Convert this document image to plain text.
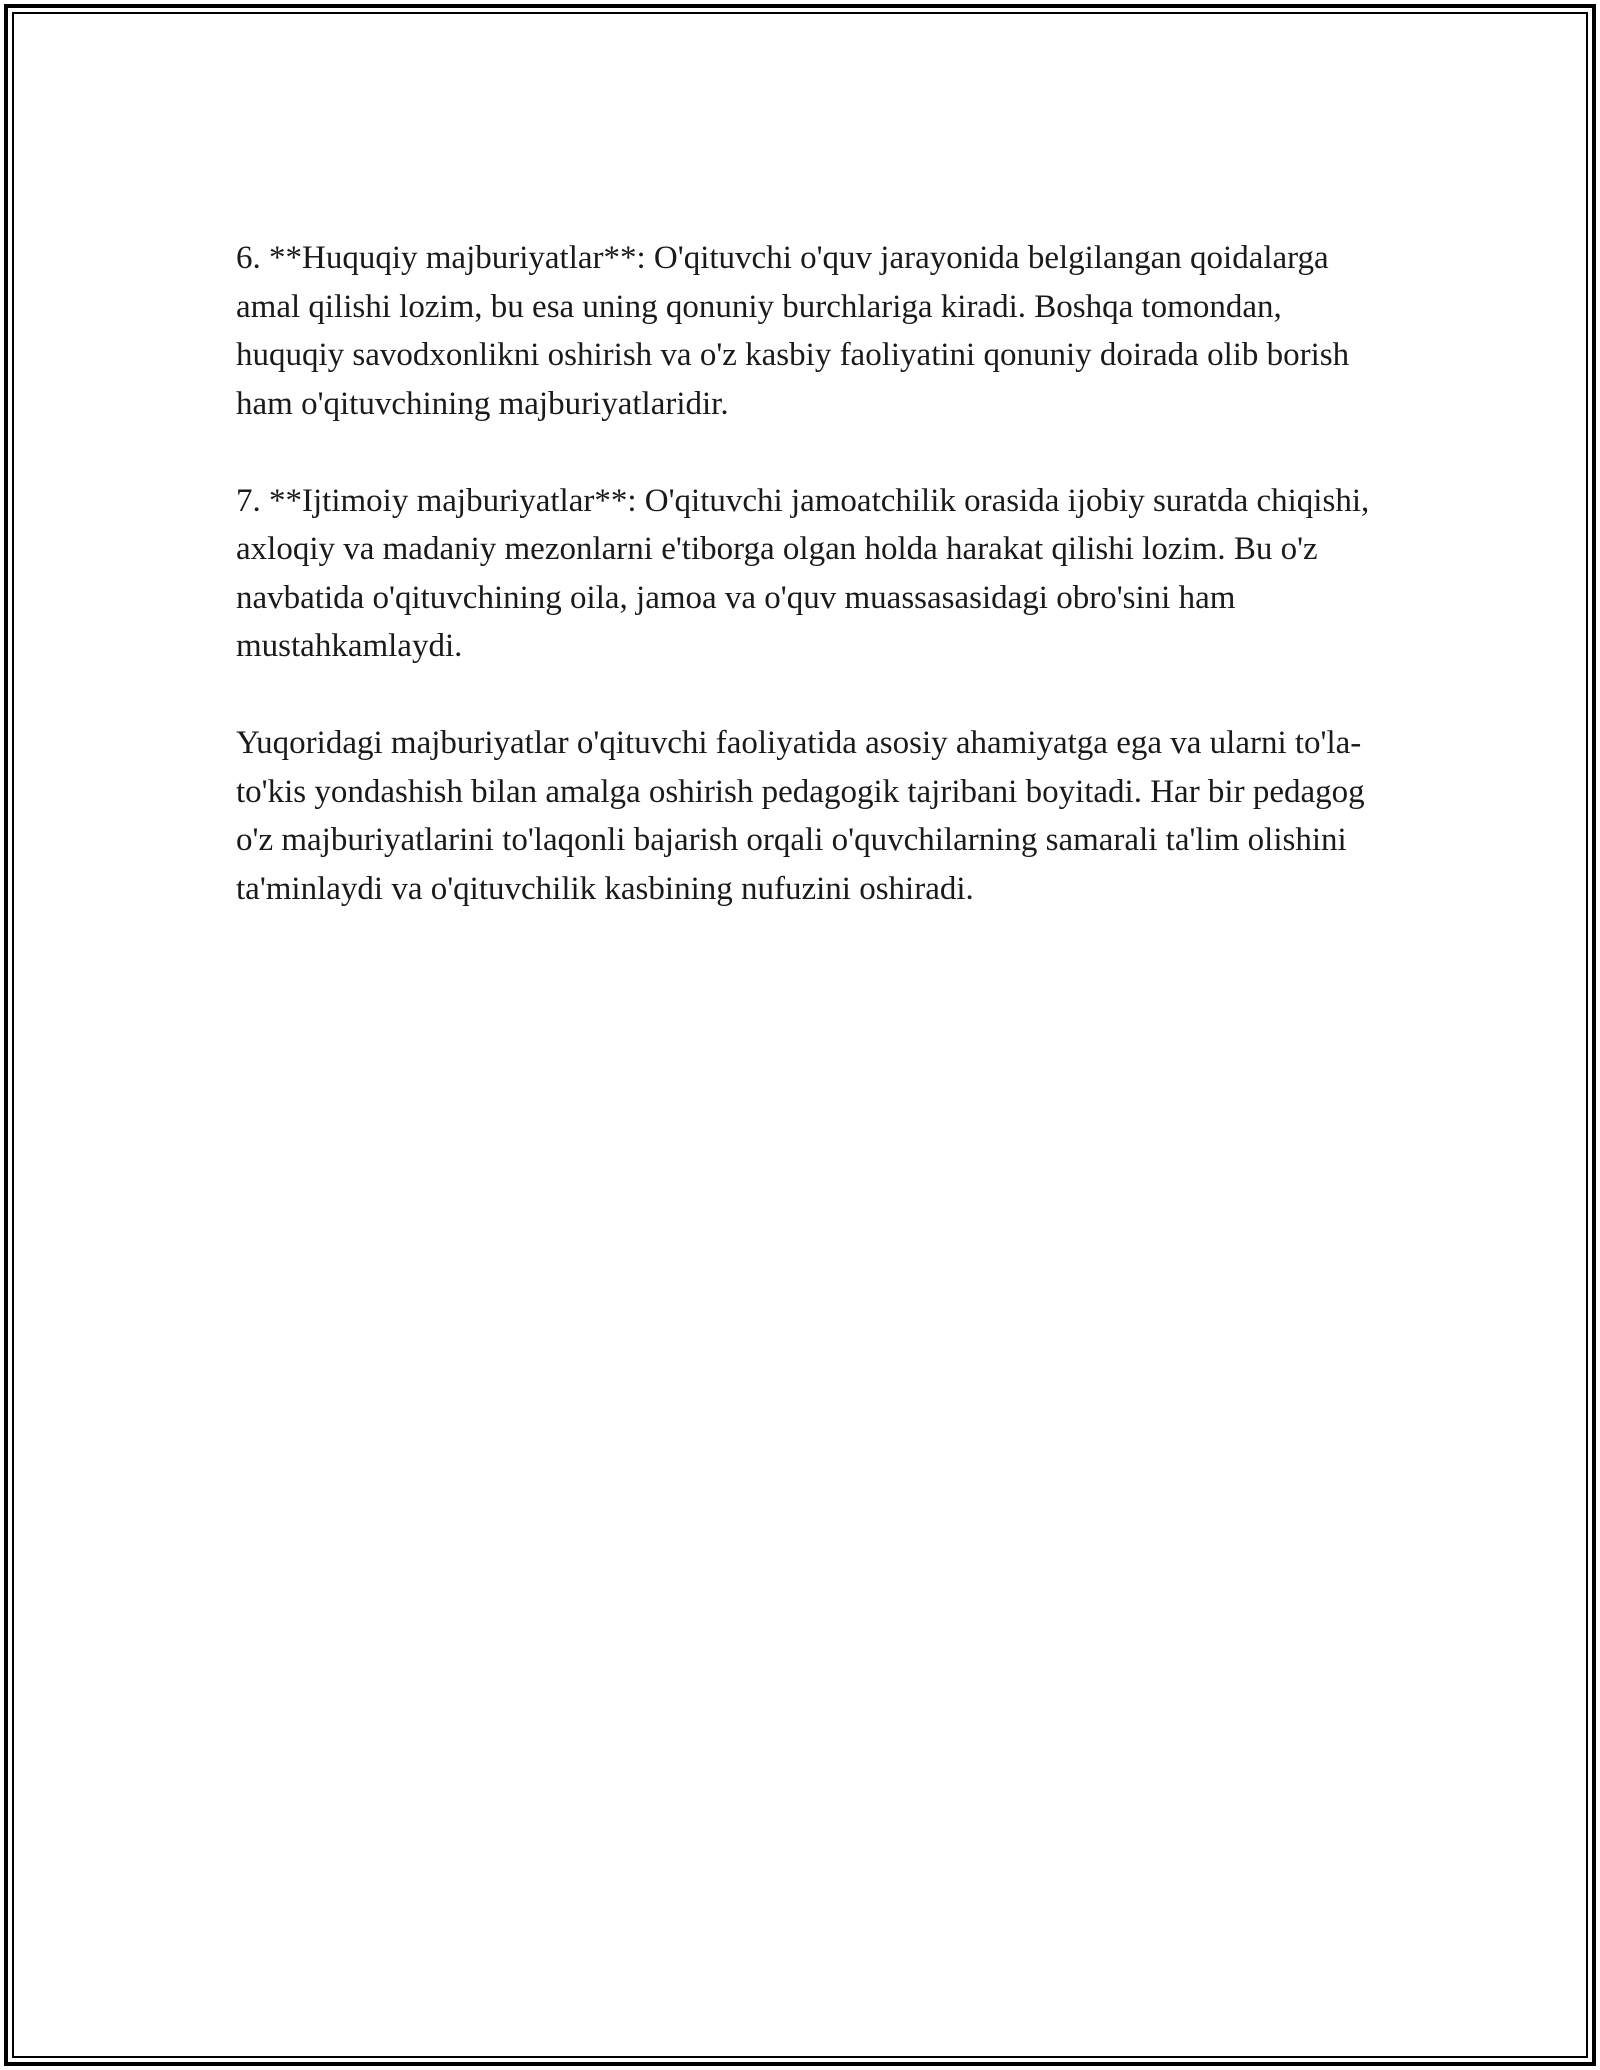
6. **Huquqiy majburiyatlar**: O'qituvchi o'quv jarayonida belgilangan qoidalarga amal qilishi lozim, bu esa uning qonuniy burchlariga kiradi. Boshqa tomondan, huquqiy savodxonlikni oshirish va o'z kasbiy faoliyatini qonuniy doirada olib borish ham o'qituvchining majburiyatlaridir.

7. **Ijtimoiy majburiyatlar**: O'qituvchi jamoatchilik orasida ijobiy suratda chiqishi, axloqiy va madaniy mezonlarni e'tiborga olgan holda harakat qilishi lozim. Bu o'z navbatida o'qituvchining oila, jamoa va o'quv muassasasidagi obro'sini ham mustahkamlaydi.

Yuqoridagi majburiyatlar o'qituvchi faoliyatida asosiy ahamiyatga ega va ularni to'la-to'kis yondashish bilan amalga oshirish pedagogik tajribani boyitadi. Har bir pedagog o'z majburiyatlarini to'laqonli bajarish orqali o'quvchilarning samarali ta'lim olishini ta'minlaydi va o'qituvchilik kasbining nufuzini oshiradi.
